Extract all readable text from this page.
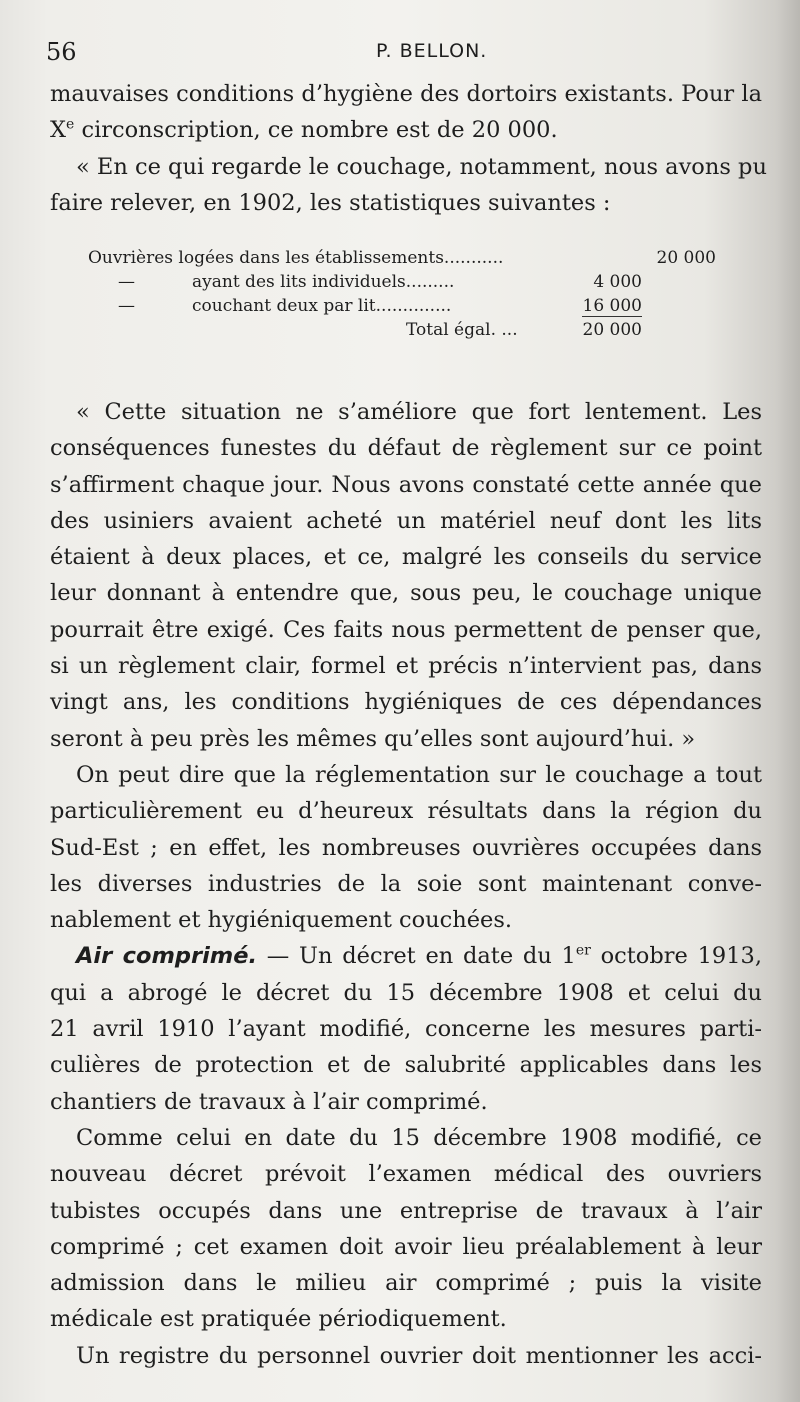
56	P. BELLON.
mauvaises conditions d’hygiène des dortoirs existants. Pour la
Xe circonscription, ce nombre est de 20 000.
« En ce qui regarde le couchage, notamment, nous avons pu
faire relever, en 1902, les statistiques suivantes :
Ouvrières logées dans les établissements...........	20 000
—	ayant des lits individuels.........	4 000
—	couchant deux par lit..............	16 000
Total égal. ...	20 000
« Cette situation ne s’améliore que fort lentement. Les
conséquences funestes du défaut de règlement sur ce point
s’affirment chaque jour. Nous avons constaté cette année que
des usiniers avaient acheté un matériel neuf dont les lits
étaient à deux places, et ce, malgré les conseils du service
leur donnant à entendre que, sous peu, le couchage unique
pourrait être exigé. Ces faits nous permettent de penser que,
si un règlement clair, formel et précis n’intervient pas, dans
vingt ans, les conditions hygiéniques de ces dépendances
seront à peu près les mêmes qu’elles sont aujourd’hui. »
On peut dire que la réglementation sur le couchage a tout
particulièrement eu d’heureux résultats dans la région du
Sud-Est ; en effet, les nombreuses ouvrières occupées dans
les diverses industries de la soie sont maintenant conve-
nablement et hygiéniquement couchées.
Air comprimé. — Un décret en date du 1er octobre 1913,
qui a abrogé le décret du 15 décembre 1908 et celui du
21 avril 1910 l’ayant modifié, concerne les mesures parti-
culières de protection et de salubrité applicables dans les
chantiers de travaux à l’air comprimé.
Comme celui en date du 15 décembre 1908 modifié, ce
nouveau décret prévoit l’examen médical des ouvriers
tubistes occupés dans une entreprise de travaux à l’air
comprimé ; cet examen doit avoir lieu préalablement à leur
admission dans le milieu air comprimé ; puis la visite
médicale est pratiquée périodiquement.
Un registre du personnel ouvrier doit mentionner les acci-
